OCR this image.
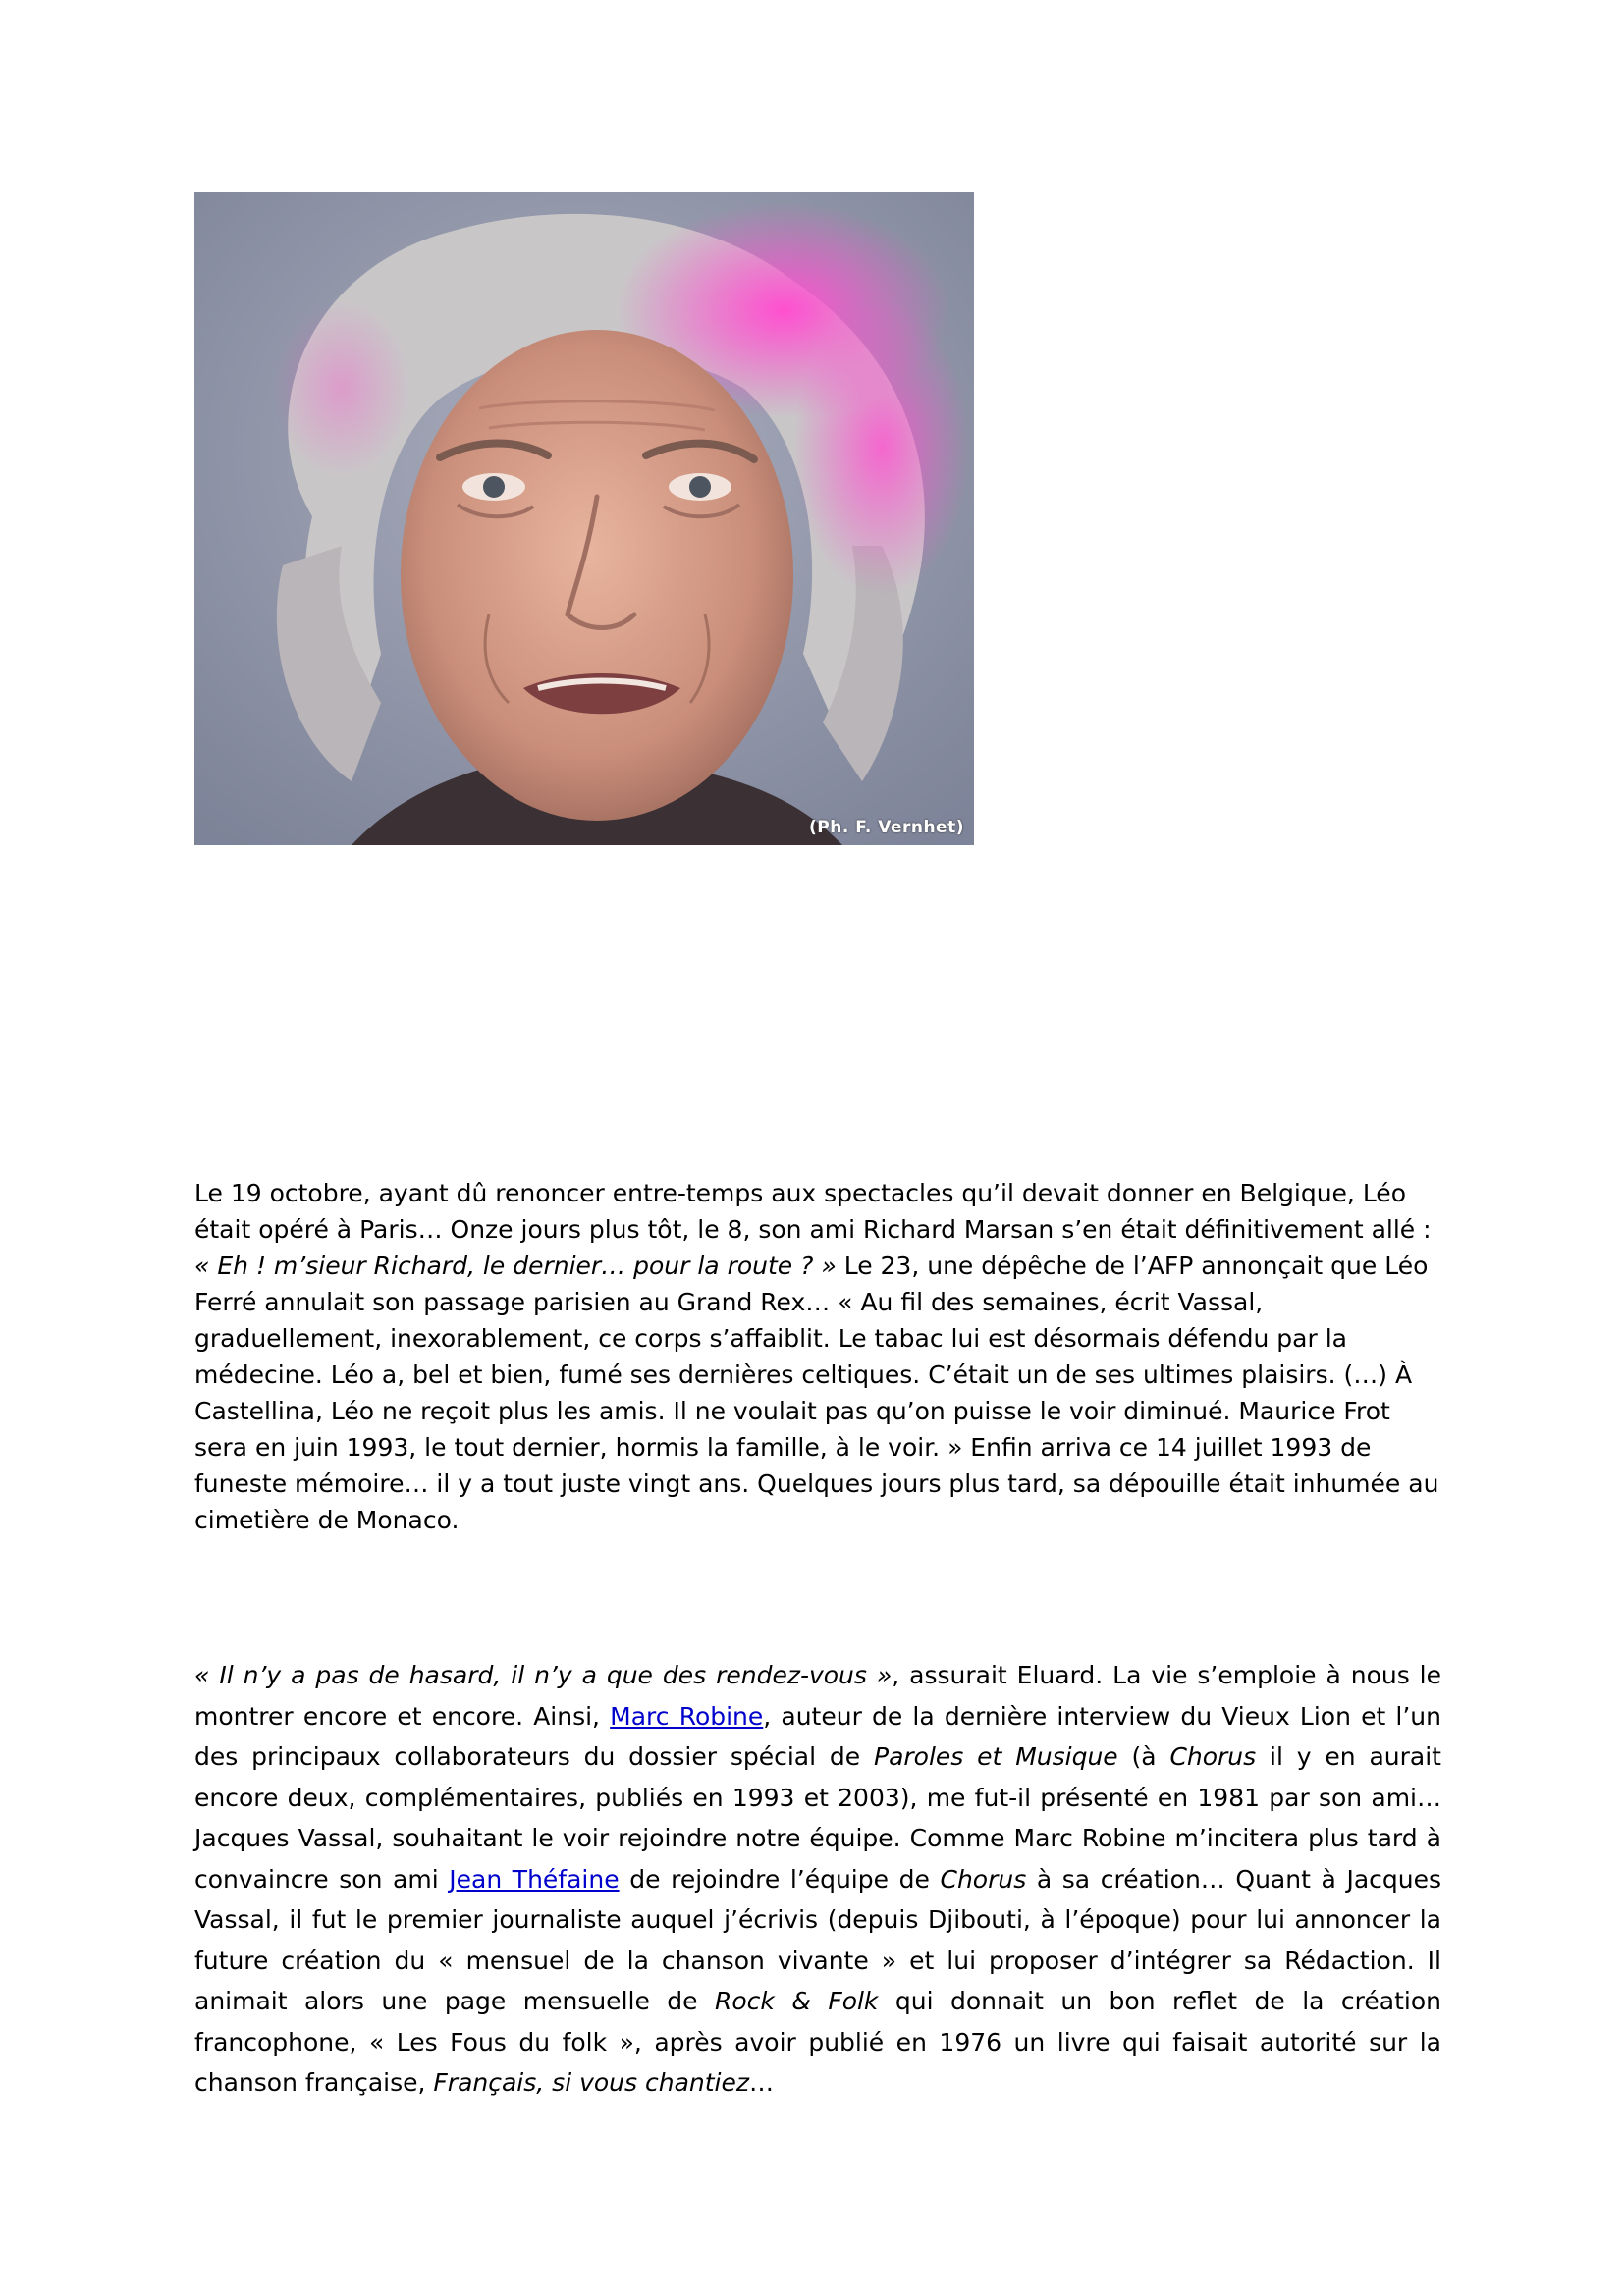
(Ph. F. Vernhet)

Le 19 octobre, ayant dû renoncer entre-temps aux spectacles qu’il devait donner en Belgique, Léo était opéré à Paris… Onze jours plus tôt, le 8, son ami Richard Marsan s’en était définitivement allé : « Eh ! m’sieur Richard, le dernier… pour la route ? » Le 23, une dépêche de l’AFP annonçait que Léo Ferré annulait son passage parisien au Grand Rex… « Au fil des semaines, écrit Vassal, graduellement, inexorablement, ce corps s’affaiblit. Le tabac lui est désormais défendu par la médecine. Léo a, bel et bien, fumé ses dernières celtiques. C’était un de ses ultimes plaisirs. (…) À Castellina, Léo ne reçoit plus les amis. Il ne voulait pas qu’on puisse le voir diminué. Maurice Frot sera en juin 1993, le tout dernier, hormis la famille, à le voir. » Enfin arriva ce 14 juillet 1993 de funeste mémoire… il y a tout juste vingt ans. Quelques jours plus tard, sa dépouille était inhumée au cimetière de Monaco.

« Il n’y a pas de hasard, il n’y a que des rendez-vous », assurait Eluard. La vie s’emploie à nous le montrer encore et encore. Ainsi, Marc Robine, auteur de la dernière interview du Vieux Lion et l’un des principaux collaborateurs du dossier spécial de Paroles et Musique (à Chorus il y en aurait encore deux, complémentaires, publiés en 1993 et 2003), me fut-il présenté en 1981 par son ami… Jacques Vassal, souhaitant le voir rejoindre notre équipe. Comme Marc Robine m’incitera plus tard à convaincre son ami Jean Théfaine de rejoindre l’équipe de Chorus à sa création… Quant à Jacques Vassal, il fut le premier journaliste auquel j’écrivis (depuis Djibouti, à l’époque) pour lui annoncer la future création du « mensuel de la chanson vivante » et lui proposer d’intégrer sa Rédaction. Il animait alors une page mensuelle de Rock & Folk qui donnait un bon reflet de la création francophone, « Les Fous du folk », après avoir publié en 1976 un livre qui faisait autorité sur la chanson française, Français, si vous chantiez…
